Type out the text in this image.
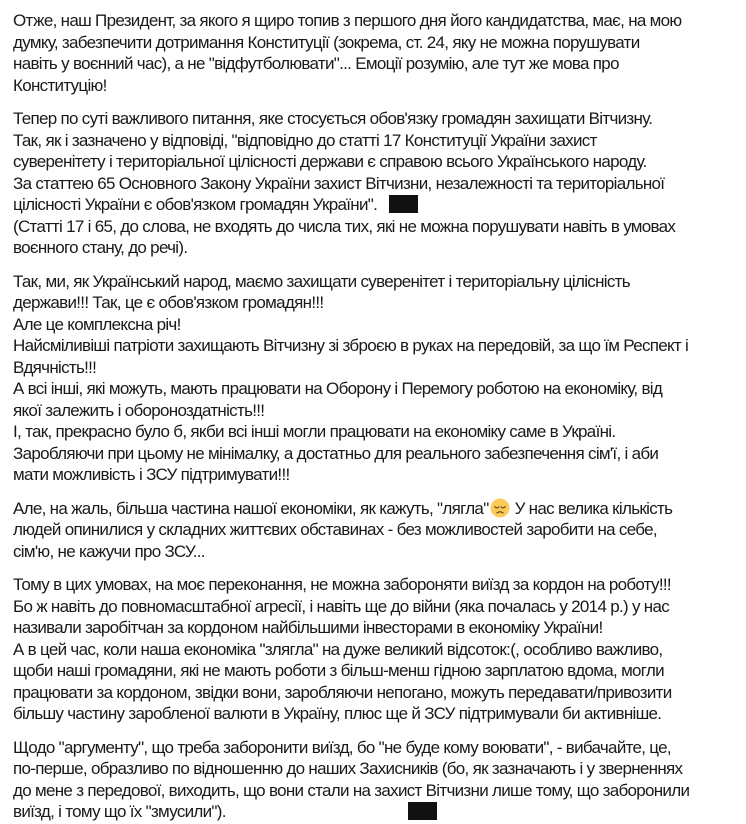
Отже, наш Президент, за якого я щиро топив з першого дня його кандидатства, має, на мою
думку, забезпечити дотримання Конституції (зокрема, ст. 24, яку не можна порушувати
навіть у воєнний час), а не "відфутболювати"... Емоції розумію, але тут же мова про
Конституцію!

Тепер по суті важливого питання, яке стосується обов'язку громадян захищати Вітчизну.
Так, як і зазначено у відповіді, "відповідно до статті 17 Конституції України захист
суверенітету і територіальної цілісності держави є справою всього Українського народу.
За статтею 65 Основного Закону України захист Вітчизни, незалежності та територіальної
цілісності України є обов'язком громадян України".
(Статті 17 і 65, до слова, не входять до числа тих, які не можна порушувати навіть в умовах
воєнного стану, до речі).

Так, ми, як Український народ, маємо захищати суверенітет і територіальну цілісність
держави!!! Так, це є обов'язком громадян!!!
Але це комплексна річ!
Найсміливіші патріоти захищають Вітчизну зі зброєю в руках на передовій, за що їм Респект і
Вдячність!!!
А всі інші, які можуть, мають працювати на Оборону і Перемогу роботою на економіку, від
якої залежить і обороноздатність!!!
І, так, прекрасно було б, якби всі інші могли працювати на економіку саме в Україні.
Заробляючи при цьому не мінімалку, а достатньо для реального забезпечення сім'ї, і аби
мати можливість і ЗСУ підтримувати!!!

Але, на жаль, більша частина нашої економіки, як кажуть, "лягла" У нас велика кількість
людей опинилися у складних життєвих обставинах - без можливостей заробити на себе,
сім'ю, не кажучи про ЗСУ...

Тому в цих умовах, на моє переконання, не можна забороняти виїзд за кордон на роботу!!!
Бо ж навіть до повномасштабної агресії, і навіть ще до війни (яка почалась у 2014 р.) у нас
називали заробітчан за кордоном найбільшими інвесторами в економіку України!
А в цей час, коли наша економіка "злягла" на дуже великий відсоток:(, особливо важливо,
щоби наші громадяни, які не мають роботи з більш-менш гідною зарплатою вдома, могли
працювати за кордоном, звідки вони, заробляючи непогано, можуть передавати/привозити
більшу частину заробленої валюти в Україну, плюс ще й ЗСУ підтримували би активніше.

Щодо "аргументу", що треба заборонити виїзд, бо "не буде кому воювати", - вибачайте, це,
по-перше, образливо по відношенню до наших Захисників (бо, як зазначають і у зверненнях
до мене з передової, виходить, що вони стали на захист Вітчизни лише тому, що заборонили
виїзд, і тому що їх "змусили").
